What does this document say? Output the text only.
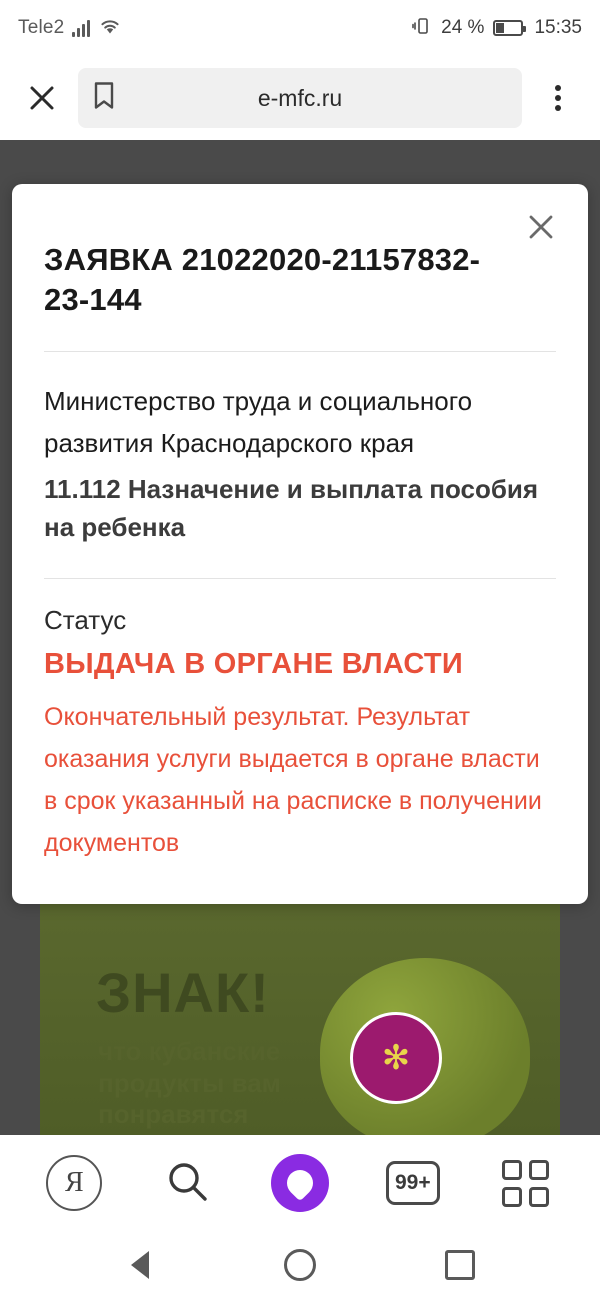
Tele2	24 %	15:35
e-mfc.ru
✻
ЗНАК!
что кубанские
продукты вам
понравятся
ЗАЯВКА 21022020-21157832-23-144
Министерство труда и социального развития Краснодарского края
11.112 Назначение и выплата пособия на ребенка
Статус
ВЫДАЧА В ОРГАНЕ ВЛАСТИ
Окончательный результат. Результат оказания услуги выдается в органе власти в срок указанный на расписке в получении документов
Я	99+
